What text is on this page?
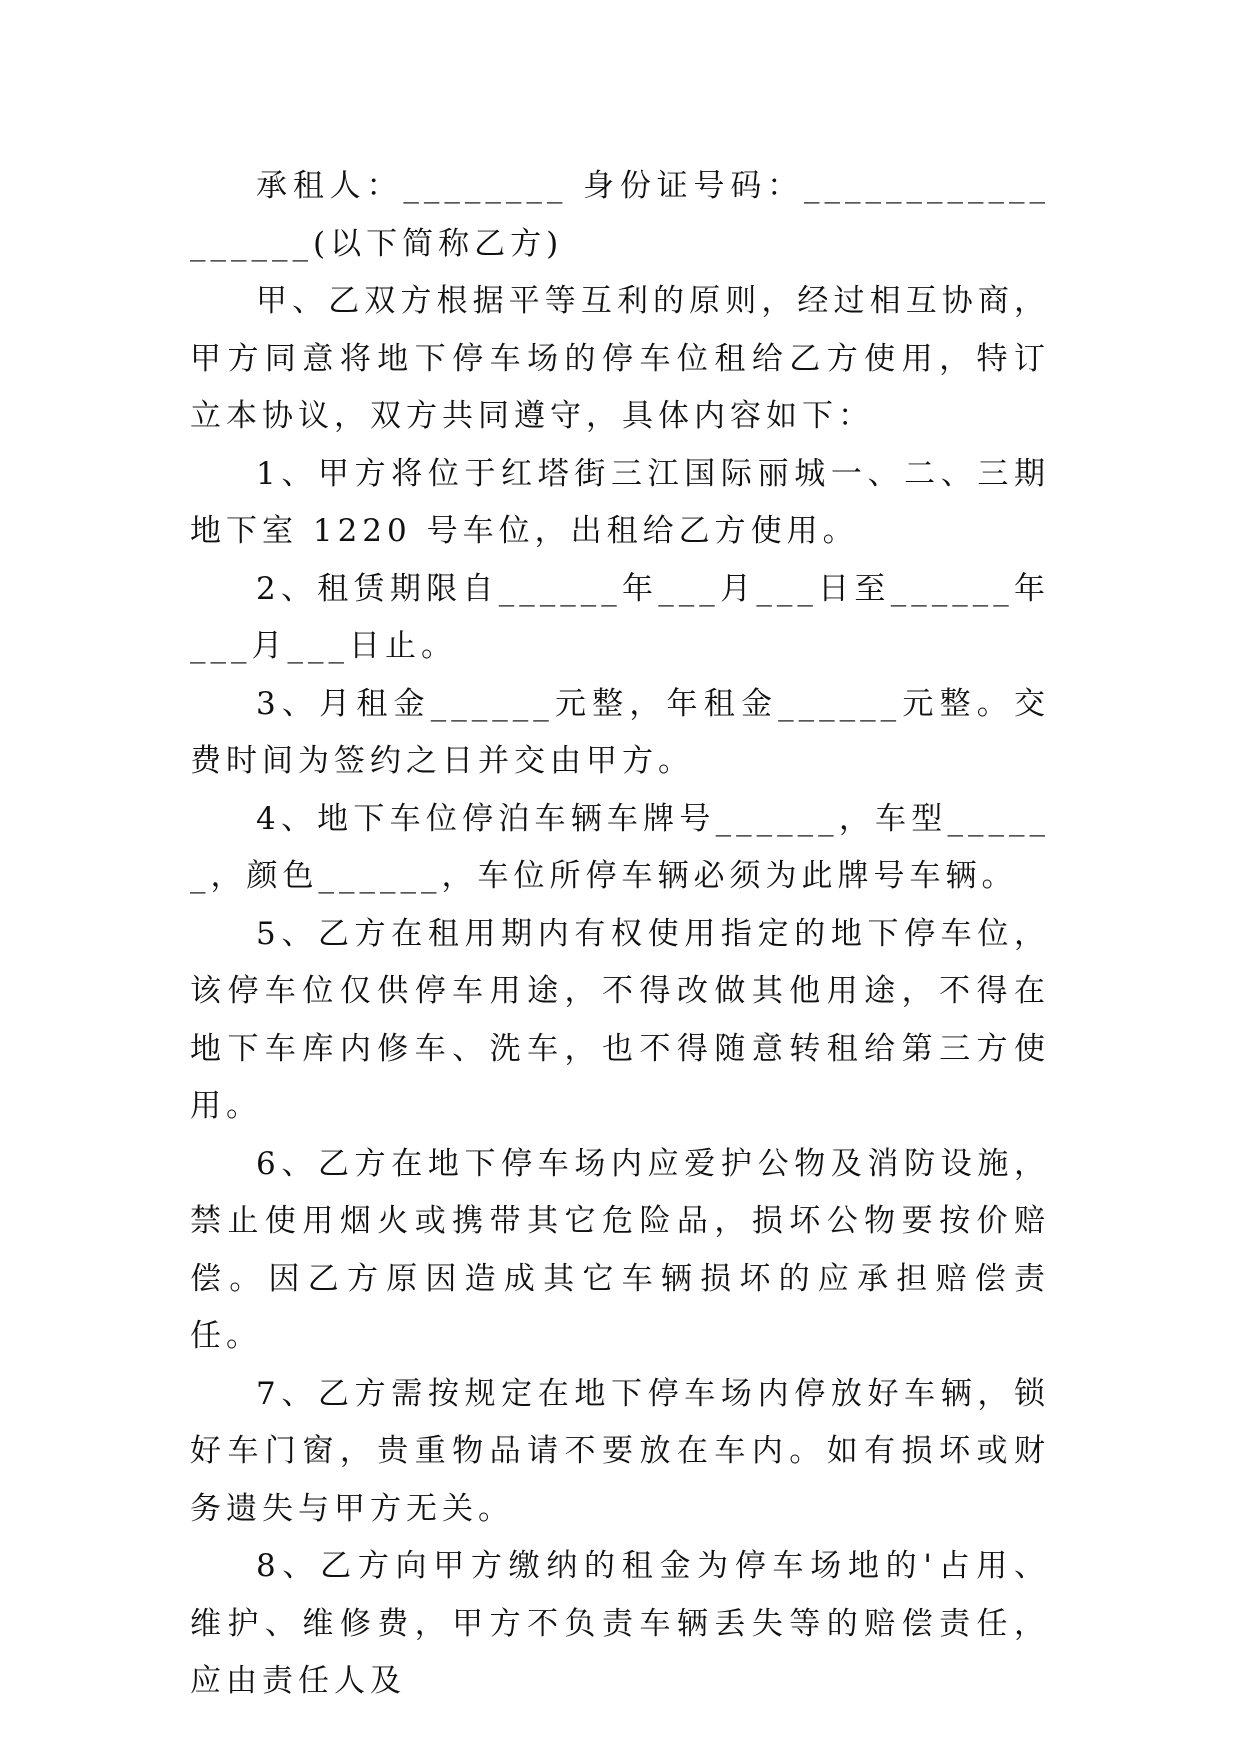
承租人：________ 身份证号码：__________________(以下简称乙方)

甲、乙双方根据平等互利的原则，经过相互协商，甲方同意将地下停车场的停车位租给乙方使用，特订立本协议，双方共同遵守，具体内容如下：

1、甲方将位于红塔街三江国际丽城一、二、三期地下室 1220 号车位，出租给乙方使用。

2、租赁期限自______年___月___日至______年___月___日止。

3、月租金______元整，年租金______元整。交费时间为签约之日并交由甲方。

4、地下车位停泊车辆车牌号______，车型______，颜色______，车位所停车辆必须为此牌号车辆。

5、乙方在租用期内有权使用指定的地下停车位，该停车位仅供停车用途，不得改做其他用途，不得在地下车库内修车、洗车，也不得随意转租给第三方使用。

6、乙方在地下停车场内应爱护公物及消防设施，禁止使用烟火或携带其它危险品，损坏公物要按价赔偿。因乙方原因造成其它车辆损坏的应承担赔偿责任。

7、乙方需按规定在地下停车场内停放好车辆，锁好车门窗，贵重物品请不要放在车内。如有损坏或财务遗失与甲方无关。

8、乙方向甲方缴纳的租金为停车场地的'占用、维护、维修费，甲方不负责车辆丢失等的赔偿责任，应由责任人及
